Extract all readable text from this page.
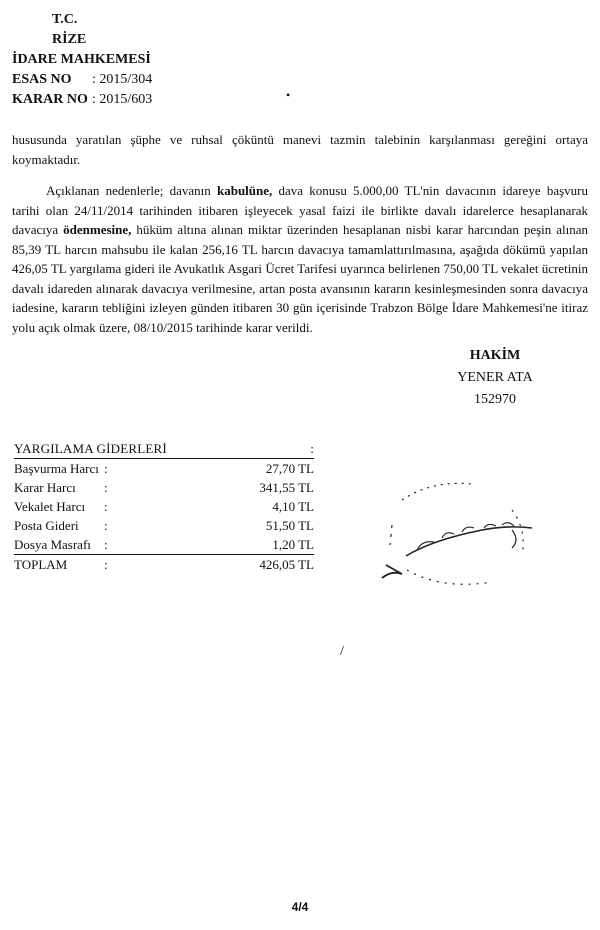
T.C.
RİZE
İDARE MAHKEMESİ
ESAS NO	: 2015/304
KARAR NO : 2015/603	•

hususunda yaratılan şüphe ve ruhsal çöküntü manevi tazmin talebinin karşılanması gereğini ortaya koymaktadır.

Açıklanan nedenlerle; davanın kabulüne, dava konusu 5.000,00 TL'nin davacının idareye başvuru tarihi olan 24/11/2014 tarihinden itibaren işleyecek yasal faizi ile birlikte davalı idarelerce hesaplanarak davacıya ödenmesine, hüküm altına alınan miktar üzerinden hesaplanan nisbi karar harcından peşin alınan 85,39 TL harcın mahsubu ile kalan 256,16 TL harcın davacıya tamamlattırılmasına, aşağıda dökümü yapılan 426,05 TL yargılama gideri ile Avukatlık Asgari Ücret Tarifesi uyarınca belirlenen 750,00 TL vekalet ücretinin davalı idareden alınarak davacıya verilmesine, artan posta avansının kararın kesinleşmesinden sonra davacıya iadesine, kararın tebliğini izleyen günden itibaren 30 gün içerisinde Trabzon Bölge İdare Mahkemesi'ne itiraz yolu açık olmak üzere, 08/10/2015 tarihinde karar verildi.

HAKİM
YENER ATA
152970
YARGILAMA GİDERLERİ	:
Başvurma Harcı :	27,70 TL
Karar Harcı	:	341,55 TL
Vekalet Harcı	:	4,10 TL
Posta Gideri	:	51,50 TL
Dosya Masrafı	:	1,20 TL
TOPLAM	:	426,05 TL
/
4/4
